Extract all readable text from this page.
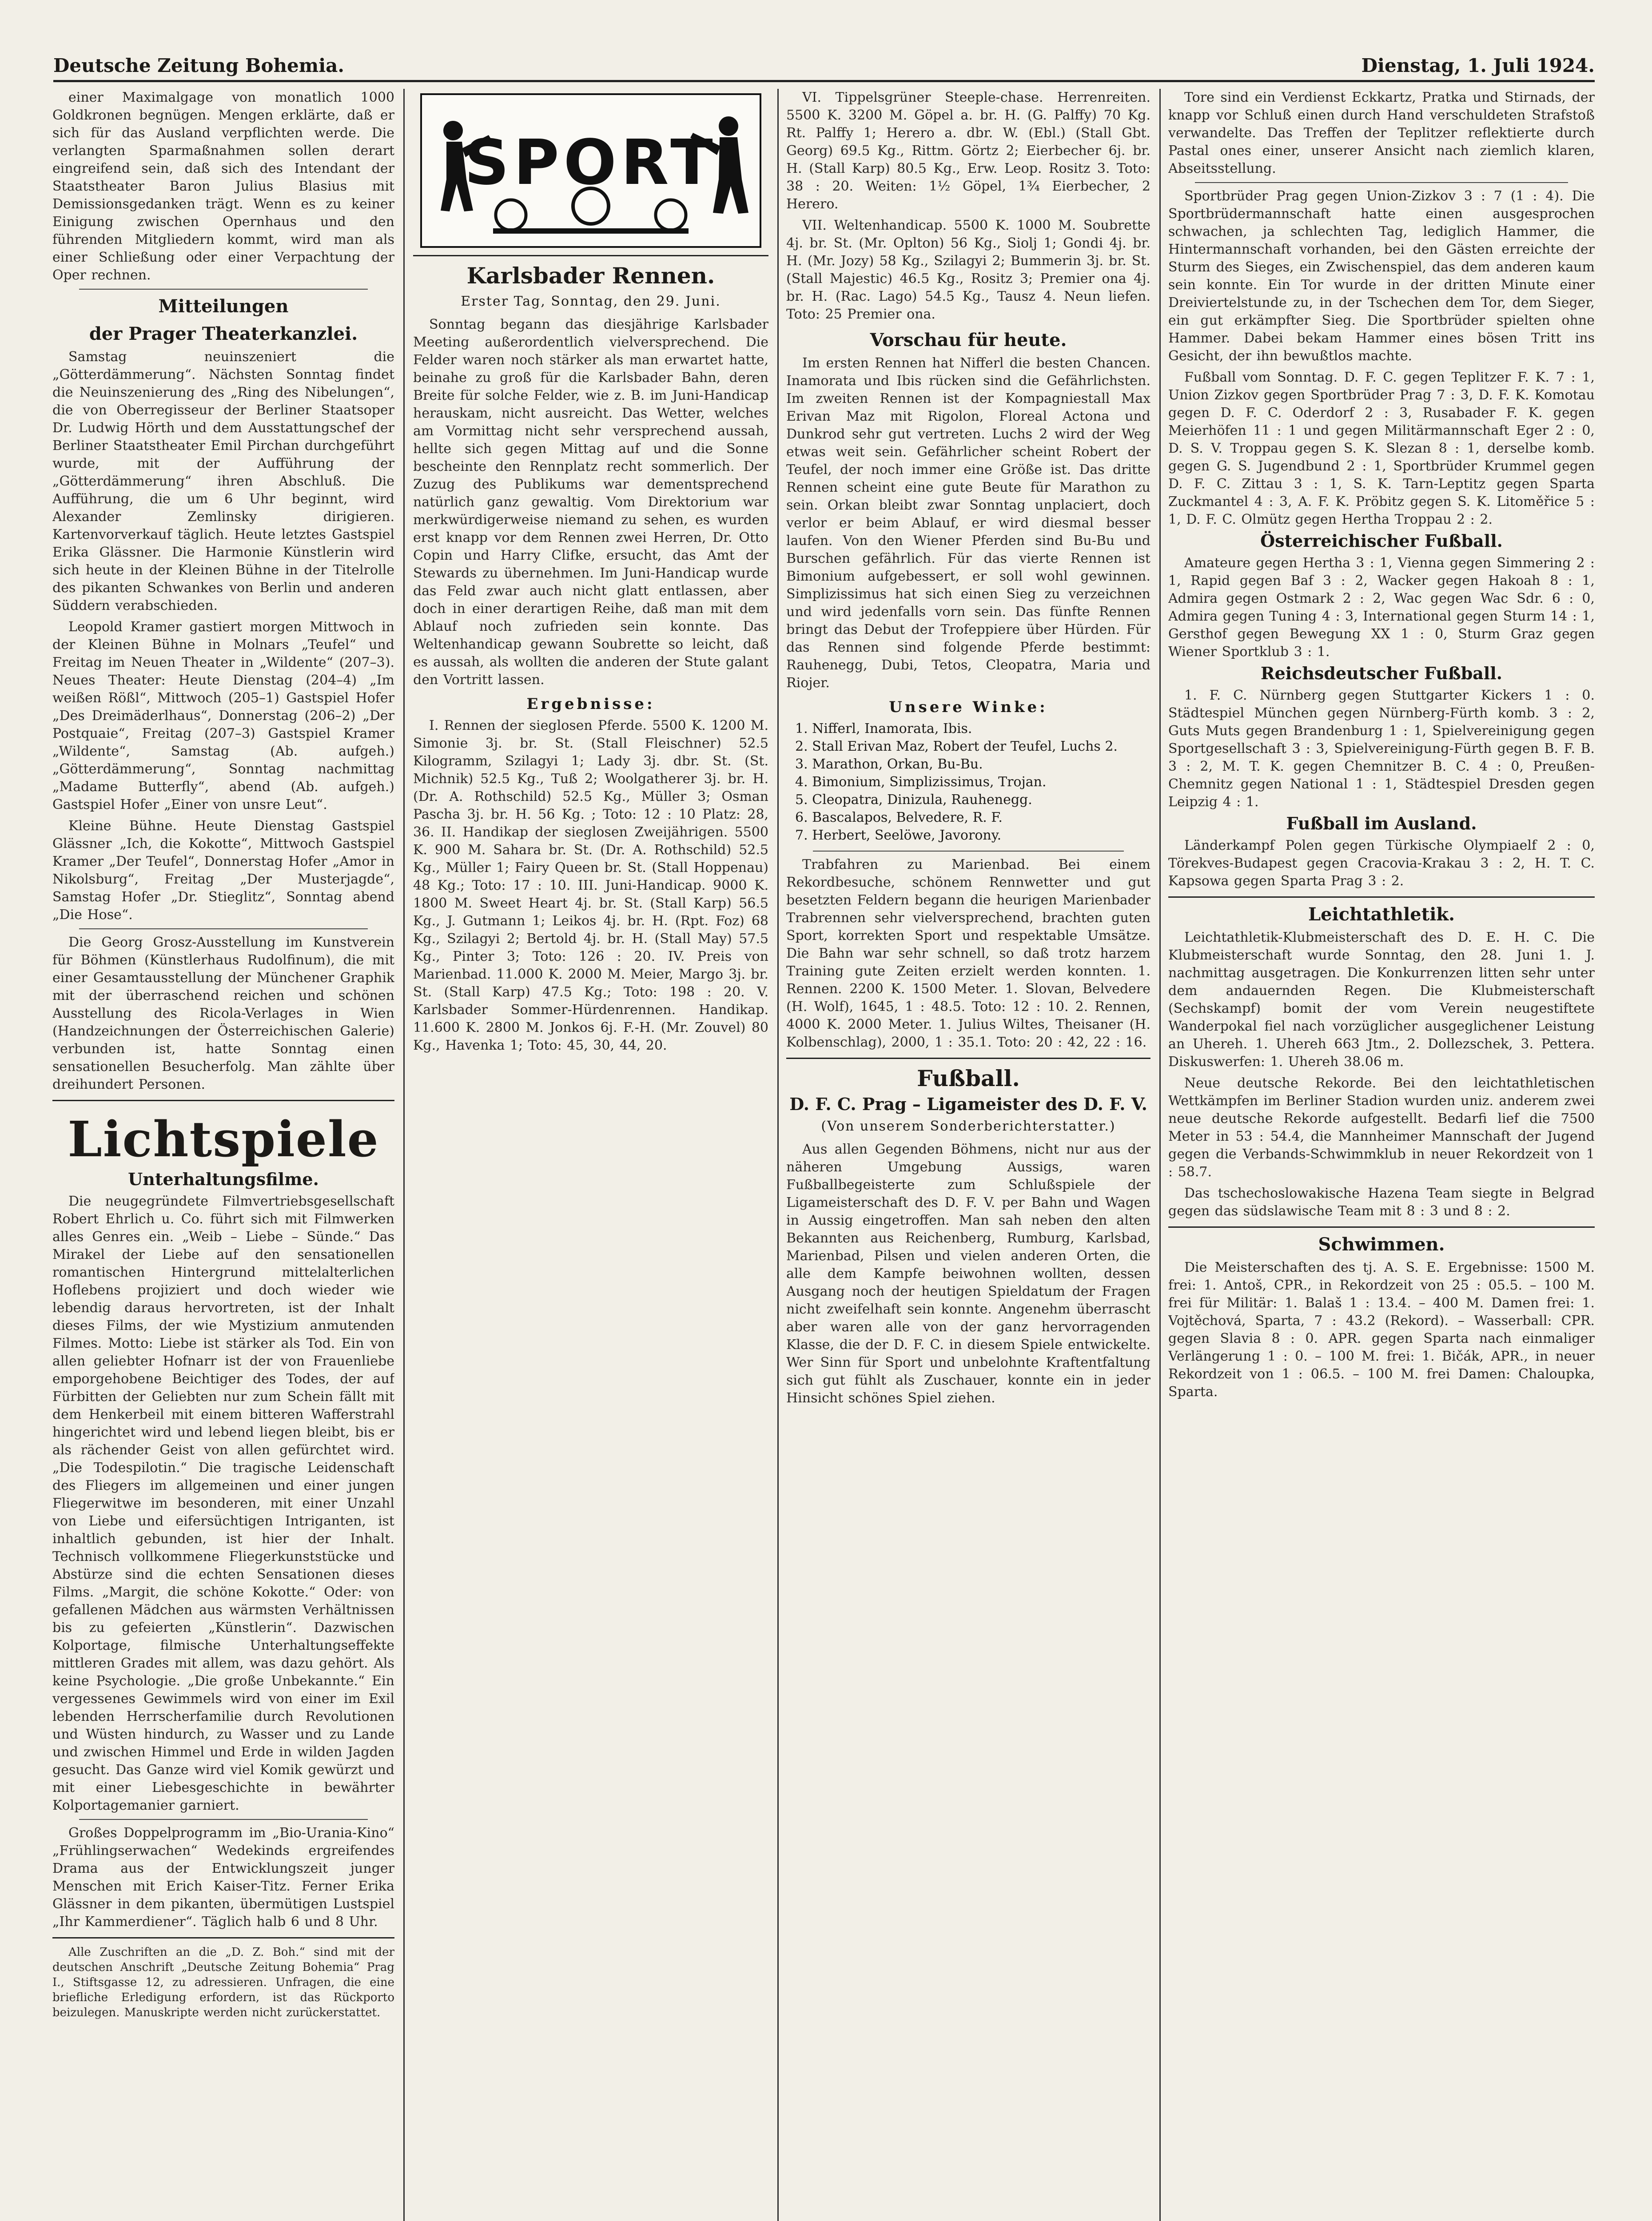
Deutsche Zeitung Bohemia.	Dienstag, 1. Juli 1924.

einer Maximalgage von monatlich 1000 Goldkronen begnügen. Mengen erklärte, daß er sich für das Ausland verpflichten werde. Die verlangten Sparmaßnahmen sollen derart eingreifend sein, daß sich des Intendant der Staatstheater Baron Julius Blasius mit Demissionsgedanken trägt. Wenn es zu keiner Einigung zwischen Opernhaus und den führenden Mitgliedern kommt, wird man als einer Schließung oder einer Verpachtung der Oper rechnen.

Mitteilungen
der Prager Theaterkanzlei.

Samstag neuinszeniert die „Götterdämmerung“. Nächsten Sonntag findet die Neuinszenierung des „Ring des Nibelungen“, die von Oberregisseur der Berliner Staatsoper Dr. Ludwig Hörth und dem Ausstattungschef der Berliner Staatstheater Emil Pirchan durchgeführt wurde, mit der Aufführung der „Götterdämmerung“ ihren Abschluß. Die Aufführung, die um 6 Uhr beginnt, wird Alexander Zemlinsky dirigieren. Kartenvorverkauf täglich. Heute letztes Gastspiel Erika Glässner. Die Harmonie Künstlerin wird sich heute in der Kleinen Bühne in der Titelrolle des pikanten Schwankes von Berlin und anderen Süddern verabschieden.

Leopold Kramer gastiert morgen Mittwoch in der Kleinen Bühne in Molnars „Teufel“ und Freitag im Neuen Theater in „Wildente“ (207–3). Neues Theater: Heute Dienstag (204–4) „Im weißen Rößl“, Mittwoch (205–1) Gastspiel Hofer „Des Dreimäderlhaus“, Donnerstag (206–2) „Der Postquaie“, Freitag (207–3) Gastspiel Kramer „Wildente“, Samstag (Ab. aufgeh.) „Götterdämmerung“, Sonntag nachmittag „Madame Butterfly“, abend (Ab. aufgeh.) Gastspiel Hofer „Einer von unsre Leut“.

Kleine Bühne. Heute Dienstag Gastspiel Glässner „Ich, die Kokotte“, Mittwoch Gastspiel Kramer „Der Teufel“, Donnerstag Hofer „Amor in Nikolsburg“, Freitag „Der Musterjagde“, Samstag Hofer „Dr. Stieglitz“, Sonntag abend „Die Hose“.

Die Georg Grosz-Ausstellung im Kunstverein für Böhmen (Künstlerhaus Rudolfinum), die mit einer Gesamtausstellung der Münchener Graphik mit der überraschend reichen und schönen Ausstellung des Ricola-Verlages in Wien (Handzeichnungen der Österreichischen Galerie) verbunden ist, hatte Sonntag einen sensationellen Besucherfolg. Man zählte über dreihundert Personen.

Lichtspiele
Unterhaltungsfilme.

Die neugegründete Filmvertriebsgesellschaft Robert Ehrlich u. Co. führt sich mit Filmwerken alles Genres ein. „Weib – Liebe – Sünde.“ Das Mirakel der Liebe auf den sensationellen romantischen Hintergrund mittelalterlichen Hoflebens projiziert und doch wieder wie lebendig daraus hervortreten, ist der Inhalt dieses Films, der wie Mystizium anmutenden Filmes. Motto: Liebe ist stärker als Tod. Ein von allen geliebter Hofnarr ist der von Frauenliebe emporgehobene Beichtiger des Todes, der auf Fürbitten der Geliebten nur zum Schein fällt mit dem Henkerbeil mit einem bitteren Wafferstrahl hingerichtet wird und lebend liegen bleibt, bis er als rächender Geist von allen gefürchtet wird. „Die Todespilotin.“ Die tragische Leidenschaft des Fliegers im allgemeinen und einer jungen Fliegerwitwe im besonderen, mit einer Unzahl von Liebe und eifersüchtigen Intriganten, ist inhaltlich gebunden, ist hier der Inhalt. Technisch vollkommene Fliegerkunststücke und Abstürze sind die echten Sensationen dieses Films. „Margit, die schöne Kokotte.“ Oder: von gefallenen Mädchen aus wärmsten Verhältnissen bis zu gefeierten „Künstlerin“. Dazwischen Kolportage, filmische Unterhaltungseffekte mittleren Grades mit allem, was dazu gehört. Als keine Psychologie. „Die große Unbekannte.“ Ein vergessenes Gewimmels wird von einer im Exil lebenden Herrscherfamilie durch Revolutionen und Wüsten hindurch, zu Wasser und zu Lande und zwischen Himmel und Erde in wilden Jagden gesucht. Das Ganze wird viel Komik gewürzt und mit einer Liebesgeschichte in bewährter Kolportagemanier garniert.

Großes Doppelprogramm im „Bio-Urania-Kino“ „Frühlingserwachen“ Wedekinds ergreifendes Drama aus der Entwicklungszeit junger Menschen mit Erich Kaiser-Titz. Ferner Erika Glässner in dem pikanten, übermütigen Lustspiel „Ihr Kammerdiener“. Täglich halb 6 und 8 Uhr.

Alle Zuschriften an die „D. Z. Boh.“ sind mit der deutschen Anschrift „Deutsche Zeitung Bohemia“ Prag I., Stiftsgasse 12, zu adressieren. Unfragen, die eine briefliche Erledigung erfordern, ist das Rückporto beizulegen. Manuskripte werden nicht zurückerstattet.

SPORT
Karlsbader Rennen.
Erster Tag, Sonntag, den 29. Juni.

Sonntag begann das diesjährige Karlsbader Meeting außerordentlich vielversprechend. Die Felder waren noch stärker als man erwartet hatte, beinahe zu groß für die Karlsbader Bahn, deren Breite für solche Felder, wie z. B. im Juni-Handicap herauskam, nicht ausreicht. Das Wetter, welches am Vormittag nicht sehr versprechend aussah, hellte sich gegen Mittag auf und die Sonne bescheinte den Rennplatz recht sommerlich. Der Zuzug des Publikums war dementsprechend natürlich ganz gewaltig. Vom Direktorium war merkwürdigerweise niemand zu sehen, es wurden erst knapp vor dem Rennen zwei Herren, Dr. Otto Copin und Harry Clifke, ersucht, das Amt der Stewards zu übernehmen. Im Juni-Handicap wurde das Feld zwar auch nicht glatt entlassen, aber doch in einer derartigen Reihe, daß man mit dem Ablauf noch zufrieden sein konnte. Das Weltenhandicap gewann Soubrette so leicht, daß es aussah, als wollten die anderen der Stute galant den Vortritt lassen.

Ergebnisse:

I. Rennen der sieglosen Pferde. 5500 K. 1200 M. Simonie 3j. br. St. (Stall Fleischner) 52.5 Kilogramm, Szilagyi 1; Lady 3j. dbr. St. (St. Michnik) 52.5 Kg., Tuß 2; Woolgatherer 3j. br. H. (Dr. A. Rothschild) 52.5 Kg., Müller 3; Osman Pascha 3j. br. H. 56 Kg. ; Toto: 12 : 10 Platz: 28, 36. II. Handikap der sieglosen Zweijährigen. 5500 K. 900 M. Sahara br. St. (Dr. A. Rothschild) 52.5 Kg., Müller 1; Fairy Queen br. St. (Stall Hoppenau) 48 Kg.; Toto: 17 : 10. III. Juni-Handicap. 9000 K. 1800 M. Sweet Heart 4j. br. St. (Stall Karp) 56.5 Kg., J. Gutmann 1; Leikos 4j. br. H. (Rpt. Foz) 68 Kg., Szilagyi 2; Bertold 4j. br. H. (Stall May) 57.5 Kg., Pinter 3; Toto: 126 : 20. IV. Preis von Marienbad. 11.000 K. 2000 M. Meier, Margo 3j. br. St. (Stall Karp) 47.5 Kg.; Toto: 198 : 20. V. Karlsbader Sommer-Hürdenrennen. Handikap. 11.600 K. 2800 M. Jonkos 6j. F.-H. (Mr. Zouvel) 80 Kg., Havenka 1; Toto: 45, 30, 44, 20.

VI. Tippelsgrüner Steeple-chase. Herrenreiten. 5500 K. 3200 M. Göpel a. br. H. (G. Palffy) 70 Kg. Rt. Palffy 1; Herero a. dbr. W. (Ebl.) (Stall Gbt. Georg) 69.5 Kg., Rittm. Görtz 2; Eierbecher 6j. br. H. (Stall Karp) 80.5 Kg., Erw. Leop. Rositz 3. Toto: 38 : 20. Weiten: 1½ Göpel, 1¾ Eierbecher, 2 Herero.

VII. Weltenhandicap. 5500 K. 1000 M. Soubrette 4j. br. St. (Mr. Oplton) 56 Kg., Siolj 1; Gondi 4j. br. H. (Mr. Jozy) 58 Kg., Szilagyi 2; Bummerin 3j. br. St. (Stall Majestic) 46.5 Kg., Rositz 3; Premier ona 4j. br. H. (Rac. Lago) 54.5 Kg., Tausz 4. Neun liefen. Toto: 25 Premier ona.

Vorschau für heute.

Im ersten Rennen hat Nifferl die besten Chancen. Inamorata und Ibis rücken sind die Gefährlichsten. Im zweiten Rennen ist der Kompagniestall Max Erivan Maz mit Rigolon, Floreal Actona und Dunkrod sehr gut vertreten. Luchs 2 wird der Weg etwas weit sein. Gefährlicher scheint Robert der Teufel, der noch immer eine Größe ist. Das dritte Rennen scheint eine gute Beute für Marathon zu sein. Orkan bleibt zwar Sonntag unplaciert, doch verlor er beim Ablauf, er wird diesmal besser laufen. Von den Wiener Pferden sind Bu-Bu und Burschen gefährlich. Für das vierte Rennen ist Bimonium aufgebessert, er soll wohl gewinnen. Simplizissimus hat sich einen Sieg zu verzeichnen und wird jedenfalls vorn sein. Das fünfte Rennen bringt das Debut der Trofeppiere über Hürden. Für das Rennen sind folgende Pferde bestimmt: Rauhenegg, Dubi, Tetos, Cleopatra, Maria und Riojer.

Unsere Winke:
1. Nifferl, Inamorata, Ibis.
2. Stall Erivan Maz, Robert der Teufel, Luchs 2.
3. Marathon, Orkan, Bu-Bu.
4. Bimonium, Simplizissimus, Trojan.
5. Cleopatra, Dinizula, Rauhenegg.
6. Bascalapos, Belvedere, R. F.
7. Herbert, Seelöwe, Javorony.

Trabfahren zu Marienbad. Bei einem Rekordbesuche, schönem Rennwetter und gut besetzten Feldern begann die heurigen Marienbader Trabrennen sehr vielversprechend, brachten guten Sport, korrekten Sport und respektable Umsätze. Die Bahn war sehr schnell, so daß trotz harzem Training gute Zeiten erzielt werden konnten. 1. Rennen. 2200 K. 1500 Meter. 1. Slovan, Belvedere (H. Wolf), 1645, 1 : 48.5. Toto: 12 : 10. 2. Rennen, 4000 K. 2000 Meter. 1. Julius Wiltes, Theisaner (H. Kolbenschlag), 2000, 1 : 35.1. Toto: 20 : 42, 22 : 16.

Fußball.
D. F. C. Prag – Ligameister des D. F. V.
(Von unserem Sonderberichterstatter.)

Aus allen Gegenden Böhmens, nicht nur aus der näheren Umgebung Aussigs, waren Fußballbegeisterte zum Schlußspiele der Ligameisterschaft des D. F. V. per Bahn und Wagen in Aussig eingetroffen. Man sah neben den alten Bekannten aus Reichenberg, Rumburg, Karlsbad, Marienbad, Pilsen und vielen anderen Orten, die alle dem Kampfe beiwohnen wollten, dessen Ausgang noch der heutigen Spieldatum der Fragen nicht zweifelhaft sein konnte. Angenehm überrascht aber waren alle von der ganz hervorragenden Klasse, die der D. F. C. in diesem Spiele entwickelte. Wer Sinn für Sport und unbelohnte Kraftentfaltung sich gut fühlt als Zuschauer, konnte ein in jeder Hinsicht schönes Spiel ziehen.

Tore sind ein Verdienst Eckkartz, Pratka und Stirnads, der knapp vor Schluß einen durch Hand verschuldeten Strafstoß verwandelte. Das Treffen der Teplitzer reflektierte durch Pastal ones einer, unserer Ansicht nach ziemlich klaren, Abseitsstellung.

Sportbrüder Prag gegen Union-Zizkov 3 : 7 (1 : 4). Die Sportbrüdermannschaft hatte einen ausgesprochen schwachen, ja schlechten Tag, lediglich Hammer, die Hintermannschaft vorhanden, bei den Gästen erreichte der Sturm des Sieges, ein Zwischenspiel, das dem anderen kaum sein konnte. Ein Tor wurde in der dritten Minute einer Dreiviertelstunde zu, in der Tschechen dem Tor, dem Sieger, ein gut erkämpfter Sieg. Die Sportbrüder spielten ohne Hammer. Dabei bekam Hammer eines bösen Tritt ins Gesicht, der ihn bewußtlos machte.

Fußball vom Sonntag. D. F. C. gegen Teplitzer F. K. 7 : 1, Union Zizkov gegen Sportbrüder Prag 7 : 3, D. F. K. Komotau gegen D. F. C. Oderdorf 2 : 3, Rusabader F. K. gegen Meierhöfen 11 : 1 und gegen Militärmannschaft Eger 2 : 0, D. S. V. Troppau gegen S. K. Slezan 8 : 1, derselbe komb. gegen G. S. Jugendbund 2 : 1, Sportbrüder Krummel gegen D. F. C. Zittau 3 : 1, S. K. Tarn-Leptitz gegen Sparta Zuckmantel 4 : 3, A. F. K. Pröbitz gegen S. K. Litoměřice 5 : 1, D. F. C. Olmütz gegen Hertha Troppau 2 : 2.

Österreichischer Fußball.

Amateure gegen Hertha 3 : 1, Vienna gegen Simmering 2 : 1, Rapid gegen Baf 3 : 2, Wacker gegen Hakoah 8 : 1, Admira gegen Ostmark 2 : 2, Wac gegen Wac Sdr. 6 : 0, Admira gegen Tuning 4 : 3, International gegen Sturm 14 : 1, Gersthof gegen Bewegung XX 1 : 0, Sturm Graz gegen Wiener Sportklub 3 : 1.

Reichsdeutscher Fußball.

1. F. C. Nürnberg gegen Stuttgarter Kickers 1 : 0. Städtespiel München gegen Nürnberg-Fürth komb. 3 : 2, Guts Muts gegen Brandenburg 1 : 1, Spielvereinigung gegen Sportgesellschaft 3 : 3, Spielvereinigung-Fürth gegen B. F. B. 3 : 2, M. T. K. gegen Chemnitzer B. C. 4 : 0, Preußen-Chemnitz gegen National 1 : 1, Städtespiel Dresden gegen Leipzig 4 : 1.

Fußball im Ausland.

Länderkampf Polen gegen Türkische Olympiaelf 2 : 0, Törekves-Budapest gegen Cracovia-Krakau 3 : 2, H. T. C. Kapsowa gegen Sparta Prag 3 : 2.

Leichtathletik.

Leichtathletik-Klubmeisterschaft des D. E. H. C. Die Klubmeisterschaft wurde Sonntag, den 28. Juni 1. J. nachmittag ausgetragen. Die Konkurrenzen litten sehr unter dem andauernden Regen. Die Klubmeisterschaft (Sechskampf) bomit der vom Verein neugestiftete Wanderpokal fiel nach vorzüglicher ausgeglichener Leistung an Uhereh. 1. Uhereh 663 Jtm., 2. Dollezschek, 3. Pettera. Diskuswerfen: 1. Uhereh 38.06 m.

Neue deutsche Rekorde. Bei den leichtathletischen Wettkämpfen im Berliner Stadion wurden uniz. anderem zwei neue deutsche Rekorde aufgestellt. Bedarfi lief die 7500 Meter in 53 : 54.4, die Mannheimer Mannschaft der Jugend gegen die Verbands-Schwimmklub in neuer Rekordzeit von 1 : 58.7.

Das tschechoslowakische Hazena Team siegte in Belgrad gegen das südslawische Team mit 8 : 3 und 8 : 2.

Schwimmen.

Die Meisterschaften des tj. A. S. E. Ergebnisse: 1500 M. frei: 1. Antoš, CPR., in Rekordzeit von 25 : 05.5. – 100 M. frei für Militär: 1. Balaš 1 : 13.4. – 400 M. Damen frei: 1. Vojtěchová, Sparta, 7 : 43.2 (Rekord). – Wasserball: CPR. gegen Slavia 8 : 0. APR. gegen Sparta nach einmaliger Verlängerung 1 : 0. – 100 M. frei: 1. Bičák, APR., in neuer Rekordzeit von 1 : 06.5. – 100 M. frei Damen: Chaloupka, Sparta.
